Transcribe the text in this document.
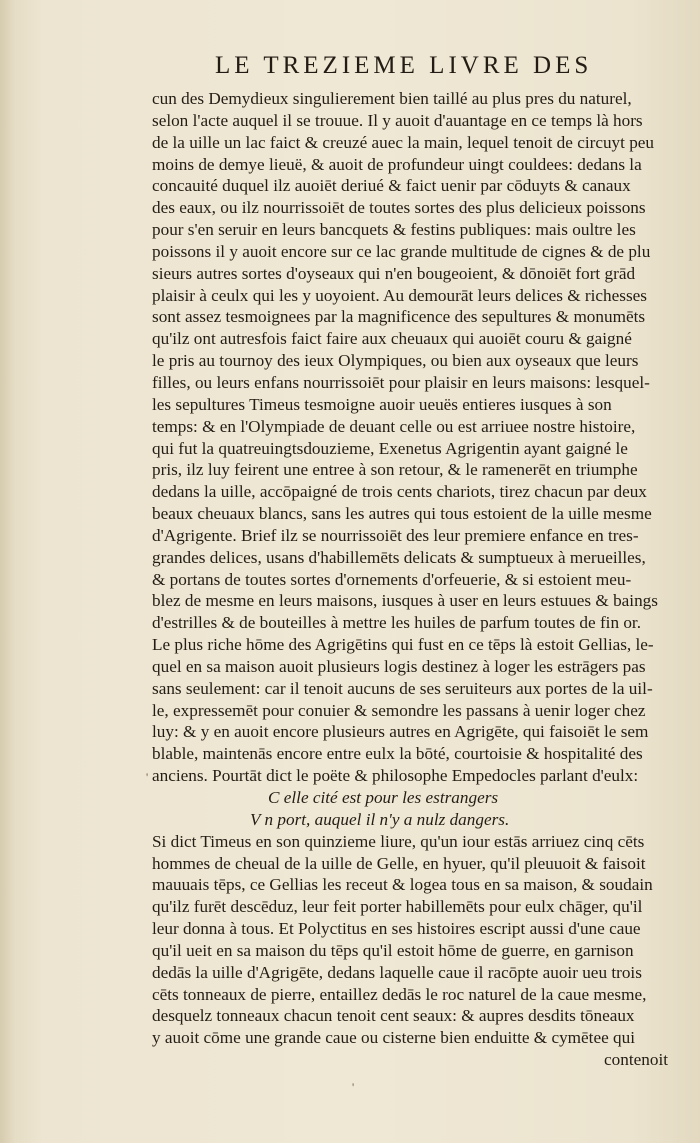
LE TREZIEME LIVRE DES
cun des Demydieux singulierement bien taillé au plus pres du naturel,
selon l'acte auquel il se trouue. Il y auoit d'auantage en ce temps là hors
de la uille un lac faict & creuzé auec la main, lequel tenoit de circuyt peu
moins de demye lieuë, & auoit de profundeur uingt couldees: dedans la
concauité duquel ilz auoiēt deriué & faict uenir par cōduyts & canaux
des eaux, ou ilz nourrissoiēt de toutes sortes des plus delicieux poissons
pour s'en seruir en leurs bancquets & festins publiques: mais oultre les
poissons il y auoit encore sur ce lac grande multitude de cignes & de plu
sieurs autres sortes d'oyseaux qui n'en bougeoient, & dōnoiēt fort grād
plaisir à ceulx qui les y uoyoient. Au demourāt leurs delices & richesses
sont assez tesmoignees par la magnificence des sepultures & monumēts
qu'ilz ont autresfois faict faire aux cheuaux qui auoiēt couru & gaigné
le pris au tournoy des ieux Olympiques, ou bien aux oyseaux que leurs
filles, ou leurs enfans nourrissoiēt pour plaisir en leurs maisons: lesquel-
les sepultures Timeus tesmoigne auoir ueuës entieres iusques à son
temps: & en l'Olympiade de deuant celle ou est arriuee nostre histoire,
qui fut la quatreuingtsdouzieme, Exenetus Agrigentin ayant gaigné le
pris, ilz luy feirent une entree à son retour, & le ramenerēt en triumphe
dedans la uille, accōpaigné de trois cents chariots, tirez chacun par deux
beaux cheuaux blancs, sans les autres qui tous estoient de la uille mesme
d'Agrigente. Brief ilz se nourrissoiēt des leur premiere enfance en tres-
grandes delices, usans d'habillemēts delicats & sumptueux à merueilles,
& portans de toutes sortes d'ornements d'orfeuerie, & si estoient meu-
blez de mesme en leurs maisons, iusques à user en leurs estuues & baings
d'estrilles & de bouteilles à mettre les huiles de parfum toutes de fin or.
Le plus riche hōme des Agrigētins qui fust en ce tēps là estoit Gellias, le-
quel en sa maison auoit plusieurs logis destinez à loger les estrāgers pas
sans seulement: car il tenoit aucuns de ses seruiteurs aux portes de la uil-
le, expressemēt pour conuier & semondre les passans à uenir loger chez
luy: & y en auoit encore plusieurs autres en Agrigēte, qui faisoiēt le sem
blable, maintenās encore entre eulx la bōté, courtoisie & hospitalité des
anciens. Pourtāt dict le poëte & philosophe Empedocles parlant d'eulx:
C elle cité est pour les estrangers
V n port, auquel il n'y a nulz dangers.
Si dict Timeus en son quinzieme liure, qu'un iour estās arriuez cinq cēts
hommes de cheual de la uille de Gelle, en hyuer, qu'il pleuuoit & faisoit
mauuais tēps, ce Gellias les receut & logea tous en sa maison, & soudain
qu'ilz furēt descēduz, leur feit porter habillemēts pour eulx chāger, qu'il
leur donna à tous. Et Polyctitus en ses histoires escript aussi d'une caue
qu'il ueit en sa maison du tēps qu'il estoit hōme de guerre, en garnison
dedās la uille d'Agrigēte, dedans laquelle caue il racōpte auoir ueu trois
cēts tonneaux de pierre, entaillez dedās le roc naturel de la caue mesme,
desquelz tonneaux chacun tenoit cent seaux: & aupres desdits tōneaux
y auoit cōme une grande caue ou cisterne bien enduitte & cymētee qui
contenoit
'
'
